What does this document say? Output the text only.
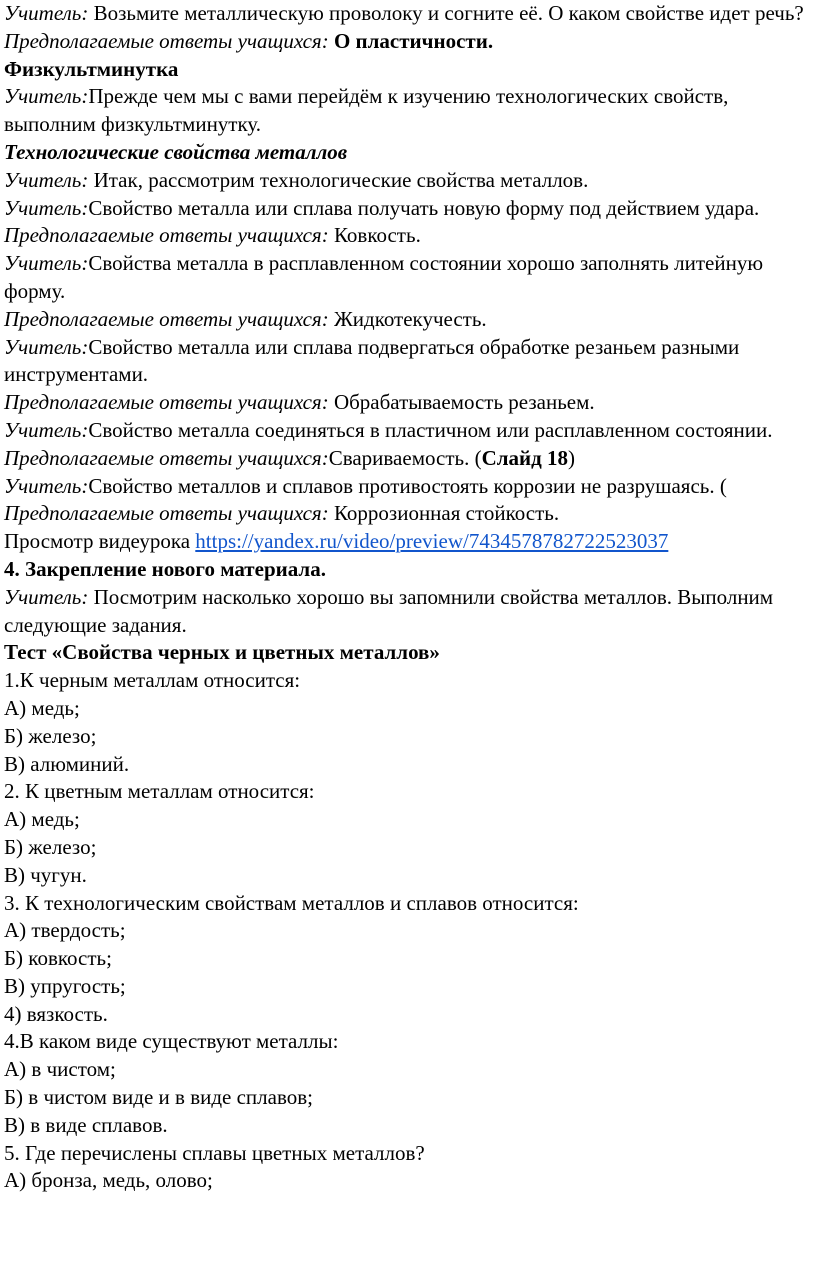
Учитель: Возьмите металлическую проволоку и согните её. О каком свойстве идет речь? Предполагаемые ответы учащихся: О пластичности.

Физкультминутка

Учитель:Прежде чем мы с вами перейдём к изучению технологических свойств, выполним физкультминутку.

Технологические свойства металлов

Учитель: Итак, рассмотрим технологические свойства металлов.

Учитель:Свойство металла или сплава получать новую форму под действием удара. Предполагаемые ответы учащихся: Ковкость.

Учитель:Свойства металла в расплавленном состоянии хорошо заполнять литейную форму.

Предполагаемые ответы учащихся: Жидкотекучесть.

Учитель:Свойство металла или сплава подвергаться обработке резаньем разными инструментами.

Предполагаемые ответы учащихся: Обрабатываемость резаньем.

Учитель:Свойство металла соединяться в пластичном или расплавленном состоянии.

Предполагаемые ответы учащихся:Свариваемость. (Слайд 18)

Учитель:Свойство металлов и сплавов противостоять коррозии не разрушаясь. (

Предполагаемые ответы учащихся: Коррозионная стойкость.

Просмотр видеурока https://yandex.ru/video/preview/7434578782722523037

4. Закрепление нового материала.

Учитель: Посмотрим насколько хорошо вы запомнили свойства металлов. Выполним следующие задания.

Тест «Свойства черных и цветных металлов»

1.К черным металлам относится:

А) медь;

Б) железо;

В) алюминий.

2. К цветным металлам относится:

А) медь;

Б) железо;

В) чугун.

3. К технологическим свойствам металлов и сплавов относится:

А) твердость;

Б) ковкость;

В) упругость;

4) вязкость.

4.В каком виде существуют металлы:

А) в чистом;

Б) в чистом виде и в виде сплавов;

В) в виде сплавов.

5. Где перечислены сплавы цветных металлов?

А) бронза, медь, олово;
